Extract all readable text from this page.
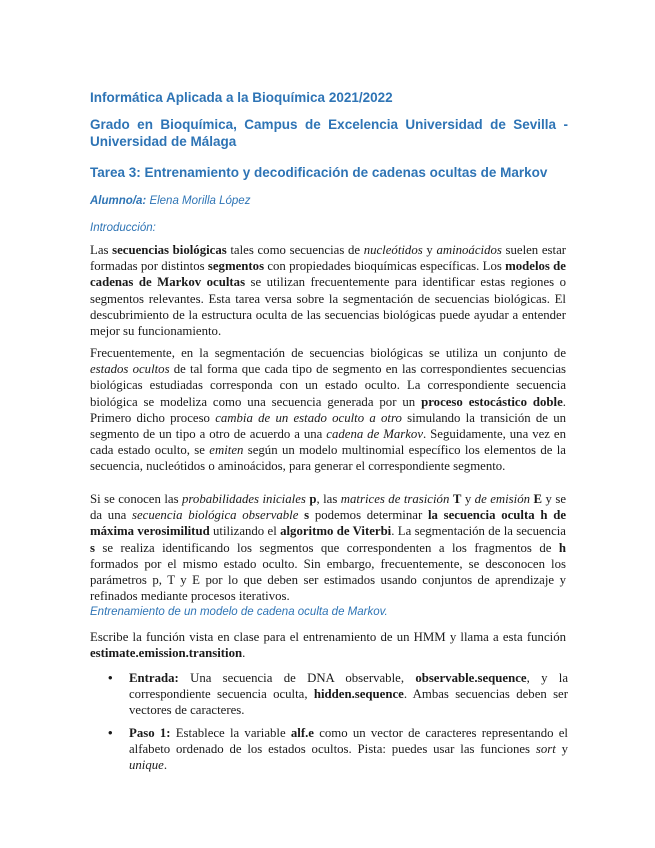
Informática Aplicada a la Bioquímica 2021/2022
Grado en Bioquímica, Campus de Excelencia Universidad de Sevilla - Universidad de Málaga
Tarea 3: Entrenamiento y decodificación de cadenas ocultas de Markov
Alumno/a: Elena Morilla López
Introducción:

Las secuencias biológicas tales como secuencias de nucleótidos y aminoácidos suelen estar formadas por distintos segmentos con propiedades bioquímicas específicas. Los modelos de cadenas de Markov ocultas se utilizan frecuentemente para identificar estas regiones o segmentos relevantes. Esta tarea versa sobre la segmentación de secuencias biológicas. El descubrimiento de la estructura oculta de las secuencias biológicas puede ayudar a entender mejor su funcionamiento.

Frecuentemente, en la segmentación de secuencias biológicas se utiliza un conjunto de estados ocultos de tal forma que cada tipo de segmento en las correspondientes secuencias biológicas estudiadas corresponda con un estado oculto. La correspondiente secuencia biológica se modeliza como una secuencia generada por un proceso estocástico doble. Primero dicho proceso cambia de un estado oculto a otro simulando la transición de un segmento de un tipo a otro de acuerdo a una cadena de Markov. Seguidamente, una vez en cada estado oculto, se emiten según un modelo multinomial específico los elementos de la secuencia, nucleótidos o aminoácidos, para generar el correspondiente segmento.

Si se conocen las probabilidades iniciales p, las matrices de trasición T y de emisión E y se da una secuencia biológica observable s podemos determinar la secuencia oculta h de máxima verosimilitud utilizando el algoritmo de Viterbi. La segmentación de la secuencia s se realiza identificando los segmentos que correspondenten a los fragmentos de h formados por el mismo estado oculto. Sin embargo, frecuentemente, se desconocen los parámetros p, T y E por lo que deben ser estimados usando conjuntos de aprendizaje y refinados mediante procesos iterativos.

Entrenamiento de un modelo de cadena oculta de Markov.

Escribe la función vista en clase para el entrenamiento de un HMM y llama a esta función estimate.emission.transition.

• Entrada: Una secuencia de DNA observable, observable.sequence, y la correspondiente secuencia oculta, hidden.sequence. Ambas secuencias deben ser vectores de caracteres.

• Paso 1: Establece la variable alf.e como un vector de caracteres representando el alfabeto ordenado de los estados ocultos. Pista: puedes usar las funciones sort y unique.
